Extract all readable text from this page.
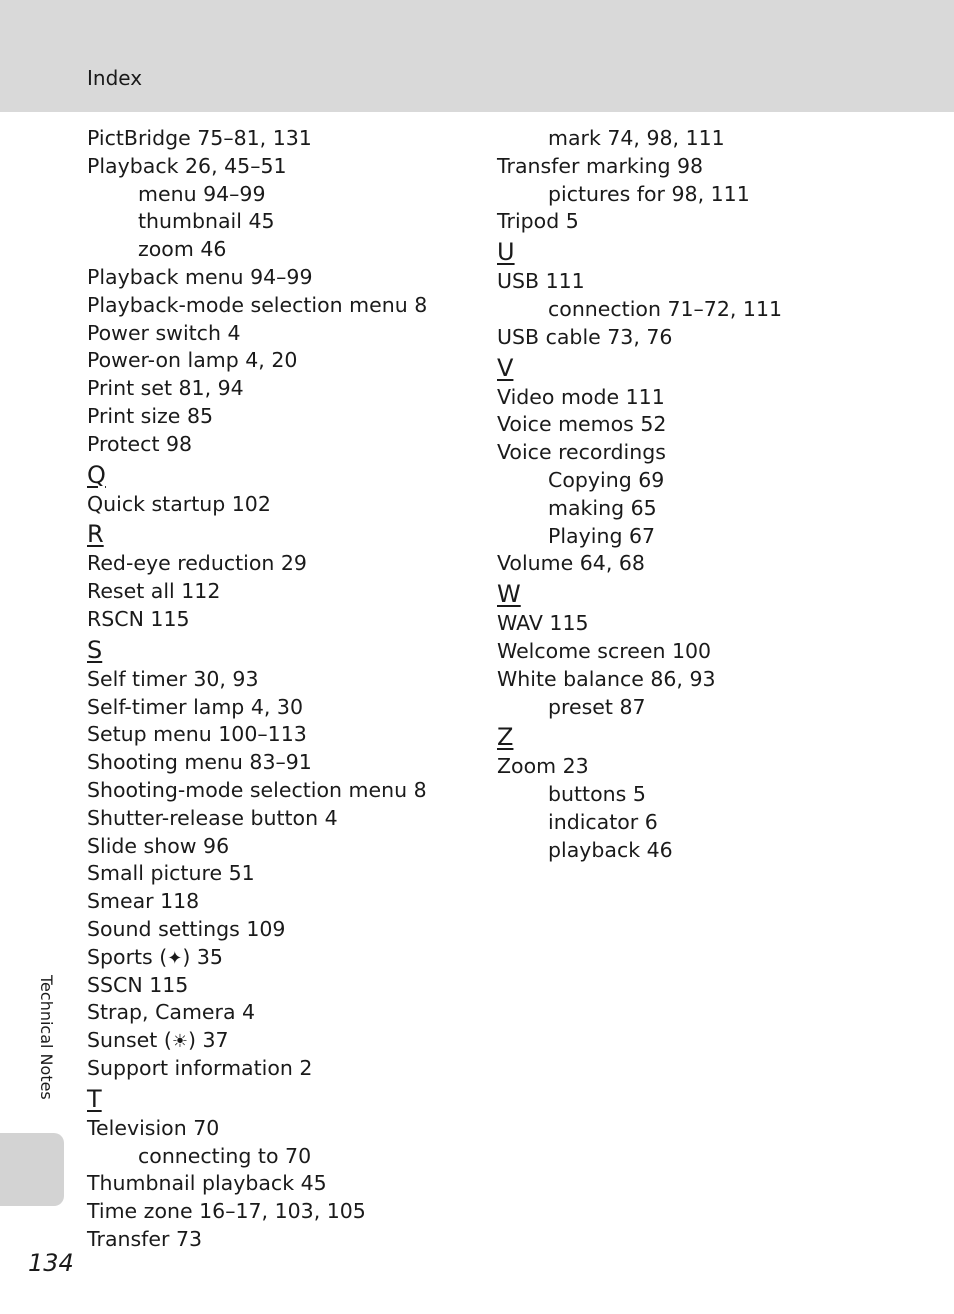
Index
PictBridge 75–81, 131
Playback 26, 45–51
menu 94–99
thumbnail 45
zoom 46
Playback menu 94–99
Playback-mode selection menu 8
Power switch 4
Power-on lamp 4, 20
Print set 81, 94
Print size 85
Protect 98
Q
Quick startup 102
R
Red-eye reduction 29
Reset all 112
RSCN 115
S
Self timer 30, 93
Self-timer lamp 4, 30
Setup menu 100–113
Shooting menu 83–91
Shooting-mode selection menu 8
Shutter-release button 4
Slide show 96
Small picture 51
Smear 118
Sound settings 109
Sports (✦) 35
SSCN 115
Strap, Camera 4
Sunset (☀) 37
Support information 2
T
Television 70
connecting to 70
Thumbnail playback 45
Time zone 16–17, 103, 105
Transfer 73
mark 74, 98, 111
Transfer marking 98
pictures for 98, 111
Tripod 5
U
USB 111
connection 71–72, 111
USB cable 73, 76
V
Video mode 111
Voice memos 52
Voice recordings
Copying 69
making 65
Playing 67
Volume 64, 68
W
WAV 115
Welcome screen 100
White balance 86, 93
preset 87
Z
Zoom 23
buttons 5
indicator 6
playback 46
Technical Notes
134
